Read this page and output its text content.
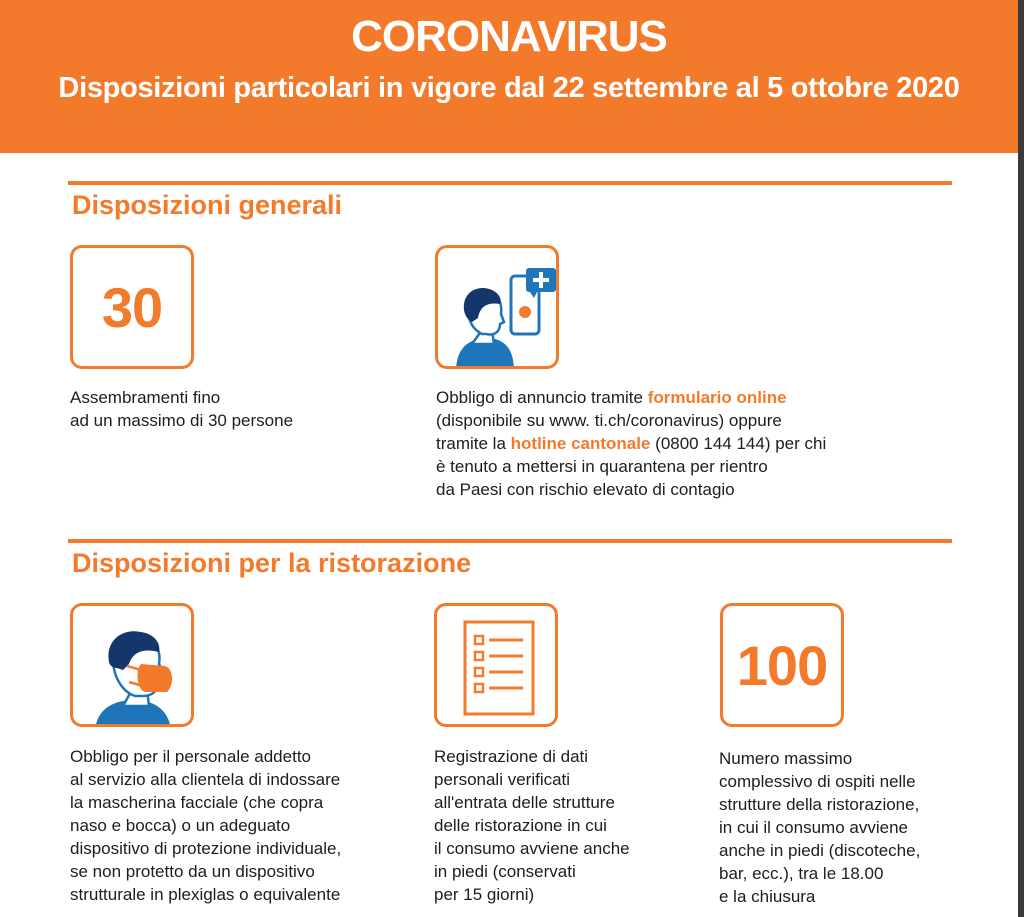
CORONAVIRUS
Disposizioni particolari in vigore dal 22 settembre al 5 ottobre 2020
Disposizioni generali
30
Assembramenti fino
ad un massimo di 30 persone
Obbligo di annuncio tramite formulario online
(disponibile su www. ti.ch/coronavirus) oppure
tramite la hotline cantonale (0800 144 144) per chi
è tenuto a mettersi in quarantena per rientro
da Paesi con rischio elevato di contagio
Disposizioni per la ristorazione
Obbligo per il personale addetto
al servizio alla clientela di indossare
la mascherina facciale (che copra
naso e bocca) o un adeguato
dispositivo di protezione individuale,
se non protetto da un dispositivo
strutturale in plexiglas o equivalente
Registrazione di dati
personali verificati
all'entrata delle strutture
delle ristorazione in cui
il consumo avviene anche
in piedi (conservati
per 15 giorni)
100
Numero massimo
complessivo di ospiti nelle
strutture della ristorazione,
in cui il consumo avviene
anche in piedi (discoteche,
bar, ecc.), tra le 18.00
e la chiusura
